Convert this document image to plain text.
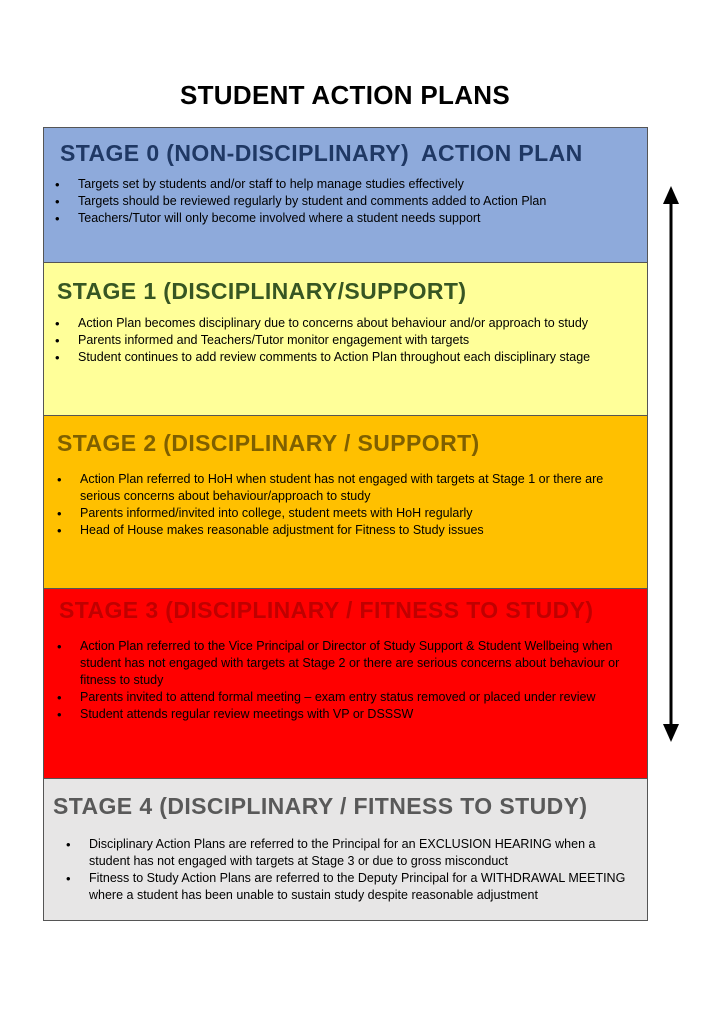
STUDENT ACTION PLANS
STAGE 0 (NON-DISCIPLINARY) ACTION PLAN
• Targets set by students and/or staff to help manage studies effectively
• Targets should be reviewed regularly by student and comments added to Action Plan
• Teachers/Tutor will only become involved where a student needs support
STAGE 1 (DISCIPLINARY/SUPPORT)
• Action Plan becomes disciplinary due to concerns about behaviour and/or approach to study
• Parents informed and Teachers/Tutor monitor engagement with targets
• Student continues to add review comments to Action Plan throughout each disciplinary stage
STAGE 2 (DISCIPLINARY / SUPPORT)
• Action Plan referred to HoH when student has not engaged with targets at Stage 1 or there are serious concerns about behaviour/approach to study
• Parents informed/invited into college, student meets with HoH regularly
• Head of House makes reasonable adjustment for Fitness to Study issues
STAGE 3 (DISCIPLINARY / FITNESS TO STUDY)
• Action Plan referred to the Vice Principal or Director of Study Support & Student Wellbeing when student has not engaged with targets at Stage 2 or there are serious concerns about behaviour or fitness to study
• Parents invited to attend formal meeting – exam entry status removed or placed under review
• Student attends regular review meetings with VP or DSSSW
STAGE 4 (DISCIPLINARY / FITNESS TO STUDY)
• Disciplinary Action Plans are referred to the Principal for an EXCLUSION HEARING when a student has not engaged with targets at Stage 3 or due to gross misconduct
• Fitness to Study Action Plans are referred to the Deputy Principal for a WITHDRAWAL MEETING where a student has been unable to sustain study despite reasonable adjustment
